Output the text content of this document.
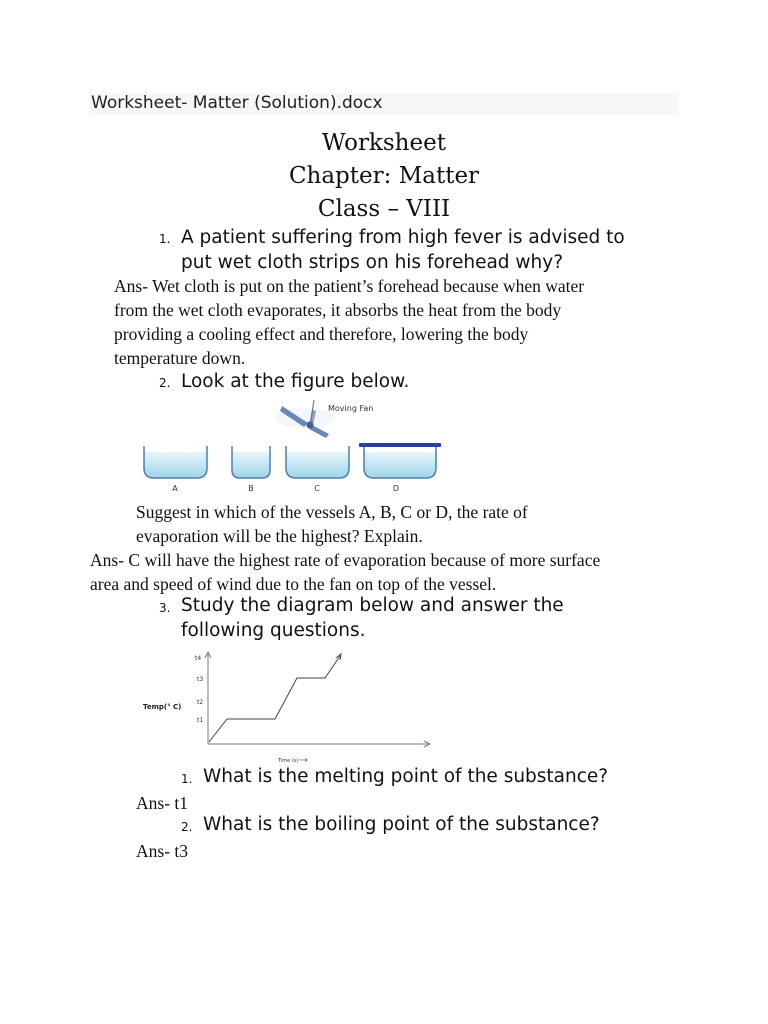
Worksheet- Matter (Solution).docx
Worksheet
Chapter: Matter
Class – VIII
1. A patient suffering from high fever is advised to
put wet cloth strips on his forehead why?
Ans- Wet cloth is put on the patient’s forehead because when water
from the wet cloth evaporates, it absorbs the heat from the body
providing a cooling effect and therefore, lowering the body
temperature down.
2. Look at the figure below.
Moving Fan
A	B	C	D
Suggest in which of the vessels A, B, C or D, the rate of
evaporation will be the highest? Explain.
Ans- C will have the highest rate of evaporation because of more surface
area and speed of wind due to the fan on top of the vessel.
3. Study the diagram below and answer the
following questions.
t4
t3
t2
t1
Temp(° C)
Time (s)
1. What is the melting point of the substance?
Ans- t1
2. What is the boiling point of the substance?
Ans- t3
